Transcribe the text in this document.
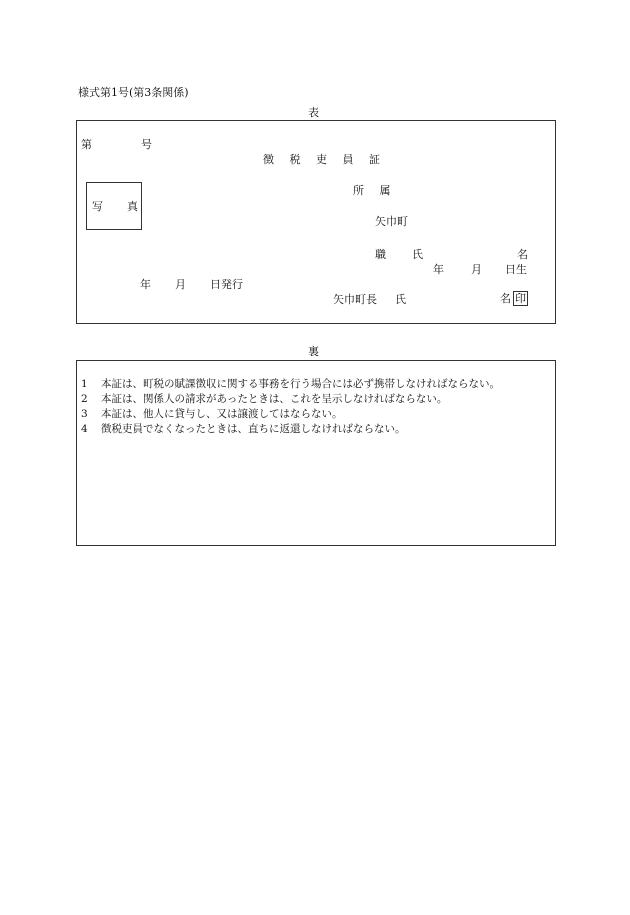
様式第1号(第3条関係)
表
第	号
徴 税 吏 員 証
写 真
所 属
矢巾町
職 氏	名
年 月 日生
年 月 日発行
矢巾町長 氏	名 印
裏
1	本証は、町税の賦課徴収に関する事務を行う場合には必ず携帯しなければならない。
2	本証は、関係人の請求があったときは、これを呈示しなければならない。
3	本証は、他人に貸与し、又は譲渡してはならない。
4	徴税吏員でなくなったときは、直ちに返還しなければならない。
